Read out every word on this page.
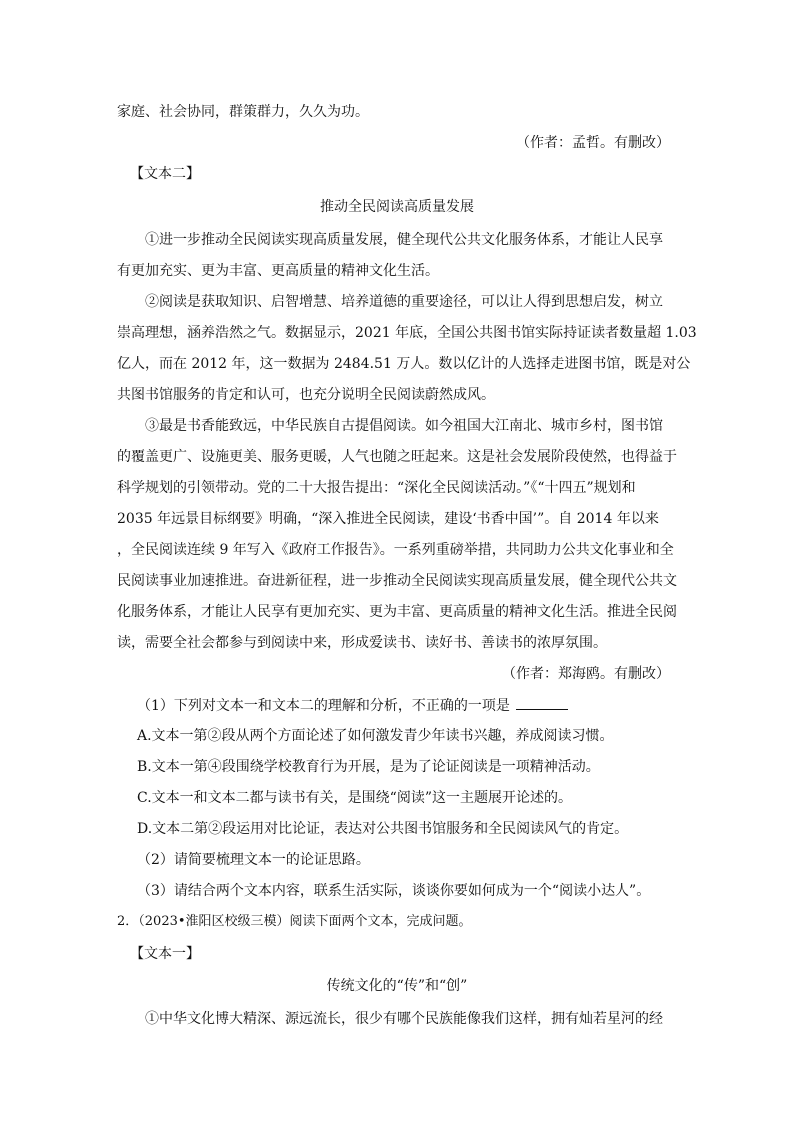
家庭、社会协同，群策群力，久久为功。
（作者：孟哲。有删改）
【文本二】
推动全民阅读高质量发展
①进一步推动全民阅读实现高质量发展，健全现代公共文化服务体系，才能让人民享
有更加充实、更为丰富、更高质量的精神文化生活。
②阅读是获取知识、启智增慧、培养道德的重要途径，可以让人得到思想启发，树立
崇高理想，涵养浩然之气。数据显示，2021 年底，全国公共图书馆实际持证读者数量超 1.03
亿人，而在 2012 年，这一数据为 2484.51 万人。数以亿计的人选择走进图书馆，既是对公
共图书馆服务的肯定和认可，也充分说明全民阅读蔚然成风。
③最是书香能致远，中华民族自古提倡阅读。如今祖国大江南北、城市乡村，图书馆
的覆盖更广、设施更美、服务更暖，人气也随之旺起来。这是社会发展阶段使然，也得益于
科学规划的引领带动。党的二十大报告提出：“深化全民阅读活动。”《“十四五”规划和
2035 年远景目标纲要》明确，“深入推进全民阅读，建设‘书香中国’”。自 2014 年以来
，全民阅读连续 9 年写入《政府工作报告》。一系列重磅举措，共同助力公共文化事业和全
民阅读事业加速推进。奋进新征程，进一步推动全民阅读实现高质量发展，健全现代公共文
化服务体系，才能让人民享有更加充实、更为丰富、更高质量的精神文化生活。推进全民阅
读，需要全社会都参与到阅读中来，形成爱读书、读好书、善读书的浓厚氛围。
（作者：郑海鸥。有删改）
（1）下列对文本一和文本二的理解和分析，不正确的一项是
A.文本一第②段从两个方面论述了如何激发青少年读书兴趣，养成阅读习惯。
B.文本一第④段围绕学校教育行为开展，是为了论证阅读是一项精神活动。
C.文本一和文本二都与读书有关，是围绕“阅读”这一主题展开论述的。
D.文本二第②段运用对比论证，表达对公共图书馆服务和全民阅读风气的肯定。
（2）请简要梳理文本一的论证思路。
（3）请结合两个文本内容，联系生活实际，谈谈你要如何成为一个“阅读小达人”。
2．（2023•淮阳区校级三模）阅读下面两个文本，完成问题。
【文本一】
传统文化的“传”和“创”
①中华文化博大精深、源远流长，很少有哪个民族能像我们这样，拥有灿若星河的经
